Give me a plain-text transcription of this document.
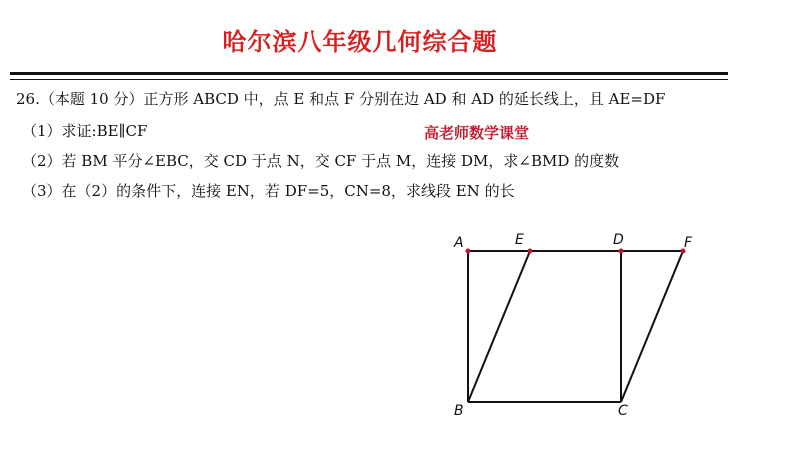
哈尔滨八年级几何综合题
26.（本题 10 分）正方形 ABCD 中，点 E 和点 F 分别在边 AD 和 AD 的延长线上，且 AE=DF
（1）求证:BE∥CF	高老师数学课堂
（2）若 BM 平分∠EBC，交 CD 于点 N，交 CF 于点 M，连接 DM，求∠BMD 的度数
（3）在（2）的条件下，连接 EN，若 DF=5，CN=8，求线段 EN 的长
A	E	D	F
B	C
